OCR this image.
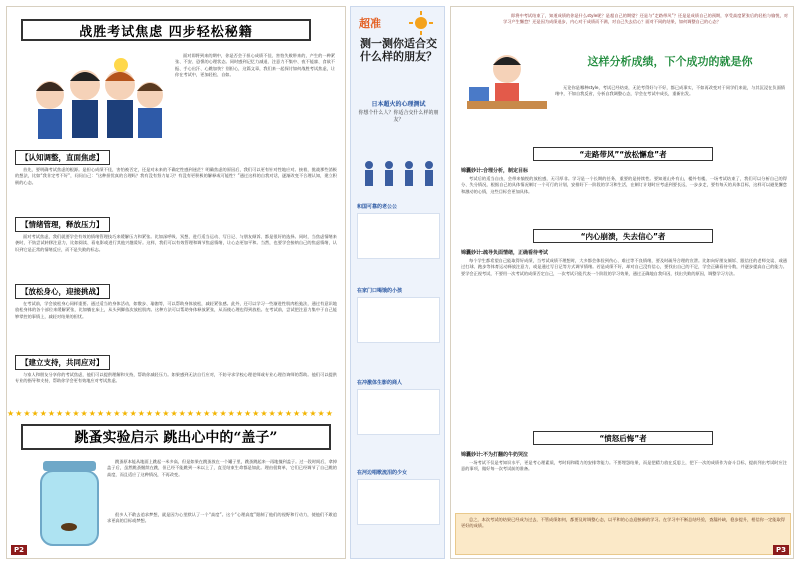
战胜考试焦虑 四步轻松秘籍
面对即将到来的期中，你是否会于担心成绩不佳、害怕失败带来的，产生的一种紧张、不安、恐惧的心理状态。同时感到记忆力减退、注意力不集中、夜不能寐、食欲不振、手心出汗、心跳加快？别担心，这篇文章，我们来一起探讨如何战胜考试焦虑，让你在考试中，更加轻松、自如。
【认知调整，直面焦虑】
首先，要明确考试焦虑的根源。是担心成绩不佳，害怕被否定，还是对未来的不确定性感到迷茫？明确焦虑的原因后，我们可以更有针对性地应对。接着，挑战那些消极的想法，比如“我肯定考不好”，问问自己：“这种担忧真的合理吗？我有没有努力复习？有没有更积极的解释或可能性？”通过这样的自我对话，逐渐改变不合理认知，建立积极的心态。
【情绪管理，释放压力】
面对考试焦虑，我们就要学会有效的情绪管理技巧来缓解压力和紧张。比如深呼吸、冥想、进行适当运动、写日记、与朋友倾诉、都是很好的选择。同时，当焦虑情绪来袭时，不妨尝试转移注意力，比如阅读、看电影或进行其他兴趣爱好。这样，我们可以有效管理和调节焦虑情绪，让心态更加平和。当然，也要学会接纳自己的焦虑情绪，认识到它是正常的情绪反应，而不是失败的标志。
【放松身心，迎接挑战】
在考试前，学会放松身心同样重要。通过适当的身体活动，如散步、瑜伽等，可以帮助身体放松，减轻紧张感。此外，还可以学习一些渐进性肌肉松弛法，通过有意识地放松身体的各个部位来缓解紧张，比如躺在床上，从头到脚依次放松肌肉。这种方法可以帮助身体释放紧张，从而使心理也得到放松。在考试前，尝试把注意力集中于自己能够掌控的事情上，减轻对结果的担忧。
【建立支持，共同应对】
与家人和朋友分享你的考试焦虑，他们可以提供理解和支持，帮助你减轻压力。如果感到无法自行应对，不妨寻求学校心理老师或专业心理咨询师的帮助。他们可以提供专业的指导和支持，帮助你学会更有效地应对考试焦虑。
★★★★★★★★★★★★★★★★★★★★★★★★★★★★★★★★★★★★★★★★
跳蚤实验启示 跳出心中的“盖子”
跳蚤原本能从地面上跳起一米多高，但是如果在跳蚤放在一个罐子里，跳蚤跳起来一再地撞到盖子。过一段时间后，拿掉盖子后，虽然跳蚤继续在跳，但已经不能跳到一米以上了，直至结束生命都是如此。理由很简单，它们已经调节了自己跳的高度，而且适应了这种情况，不再改变。
很多人不敢去追求梦想，就是因为心里默认了一个“高度”。这个“心理高度”限制了他们的视野和行动力，使他们不敢追求更高的目标或梦想。
P2
超准
测一测你适合交什么样的朋友？
日本超火的心理测试
你想个什么人？你适合交什么样的朋友？
和国可靠的老公公
在家门口喝饿的小孩
在冲激体生影的商人
在河边唱歌流泪的少女
即将中考试结束了，知道成绩的你是什么style呢？是超自己的期望？还是与“走路带风”？还是是成绩自己的预期，享受高度紧张后的轻松与愉悦，对学习产生懈怠？还是因为成绩退步，内心对于成绩而不满，对自己失去信心？面对不同的结果，如何调整自己的心态？
这样分析成绩，下个成功的就是你
无论你是哪种style，考试已经结束，无论考得好与不好，都已成事实，不如再改变对于同学们来说，与其沉浸在负面情绪中，不如自我反省，分析自我调整心态，学会在考试中成长，重新出发。
“走路带风”“放松懈怠”者
锦囊妙计:合理分析，制定目标
考试后的适当自由，会带来愉悦的放松感，无可厚非。学习是一个长期的任务，重要的是持续性。要知道山外有山，楼外有楼，一场考试结束了，我们可以分析自己的得分、失分情况，根据自己的具体情况制订一个可行的计划，安排好下一阶段的学习和生活，在制订计划时应考虑到要长远，一步步走，要有每天的具体目标，这样可以避免懈怠和激动的心情，这些目标会更加具体。
“内心崩溃，失去信心”者
锦囊妙计:疏导负面情绪，正确看待考试
每个学生都希望自己能取得好成绩，当考试成绩不理想时，大多都会体验到伤心、难过等不良情绪，要及时疏导合理的宣泄。比如向好朋友倾诉、跟信任的老师交谈、或通过打球、跑步等体育运动释放注意力，或是通过写日记等方式调节情绪。若是成绩不好，却对自己没有信心，要找出自己的不足，学会正确看待分数，并逐步提高自己的能力。要学会正视考试，不要用一次考试的成绩否定自己，一次考试只能代表一个阶段的学习效果，通过正确地自我归因，找出失败的原因，调整学习方法。
“愤怒后悔”者
锦囊妙计:不为打翻的牛奶哭泣
一场考试不仅是考知识水平，更是考心理素质，考时间和精力的安排等能力。不要埋怨结果，而是把精力放在反思上，把下一次的成绩作为奋斗目标，提前列出考试时应注意的事项，做好每一次考试前的准备。
总之，本次考试的结果已经成为过去，不管成绩如何，都要及时调整心态，以平和的心态迎接新的学习。在学习中不断总结经验，查漏补缺，稳步提升，相信你一定能取得更好的成绩。
P3
